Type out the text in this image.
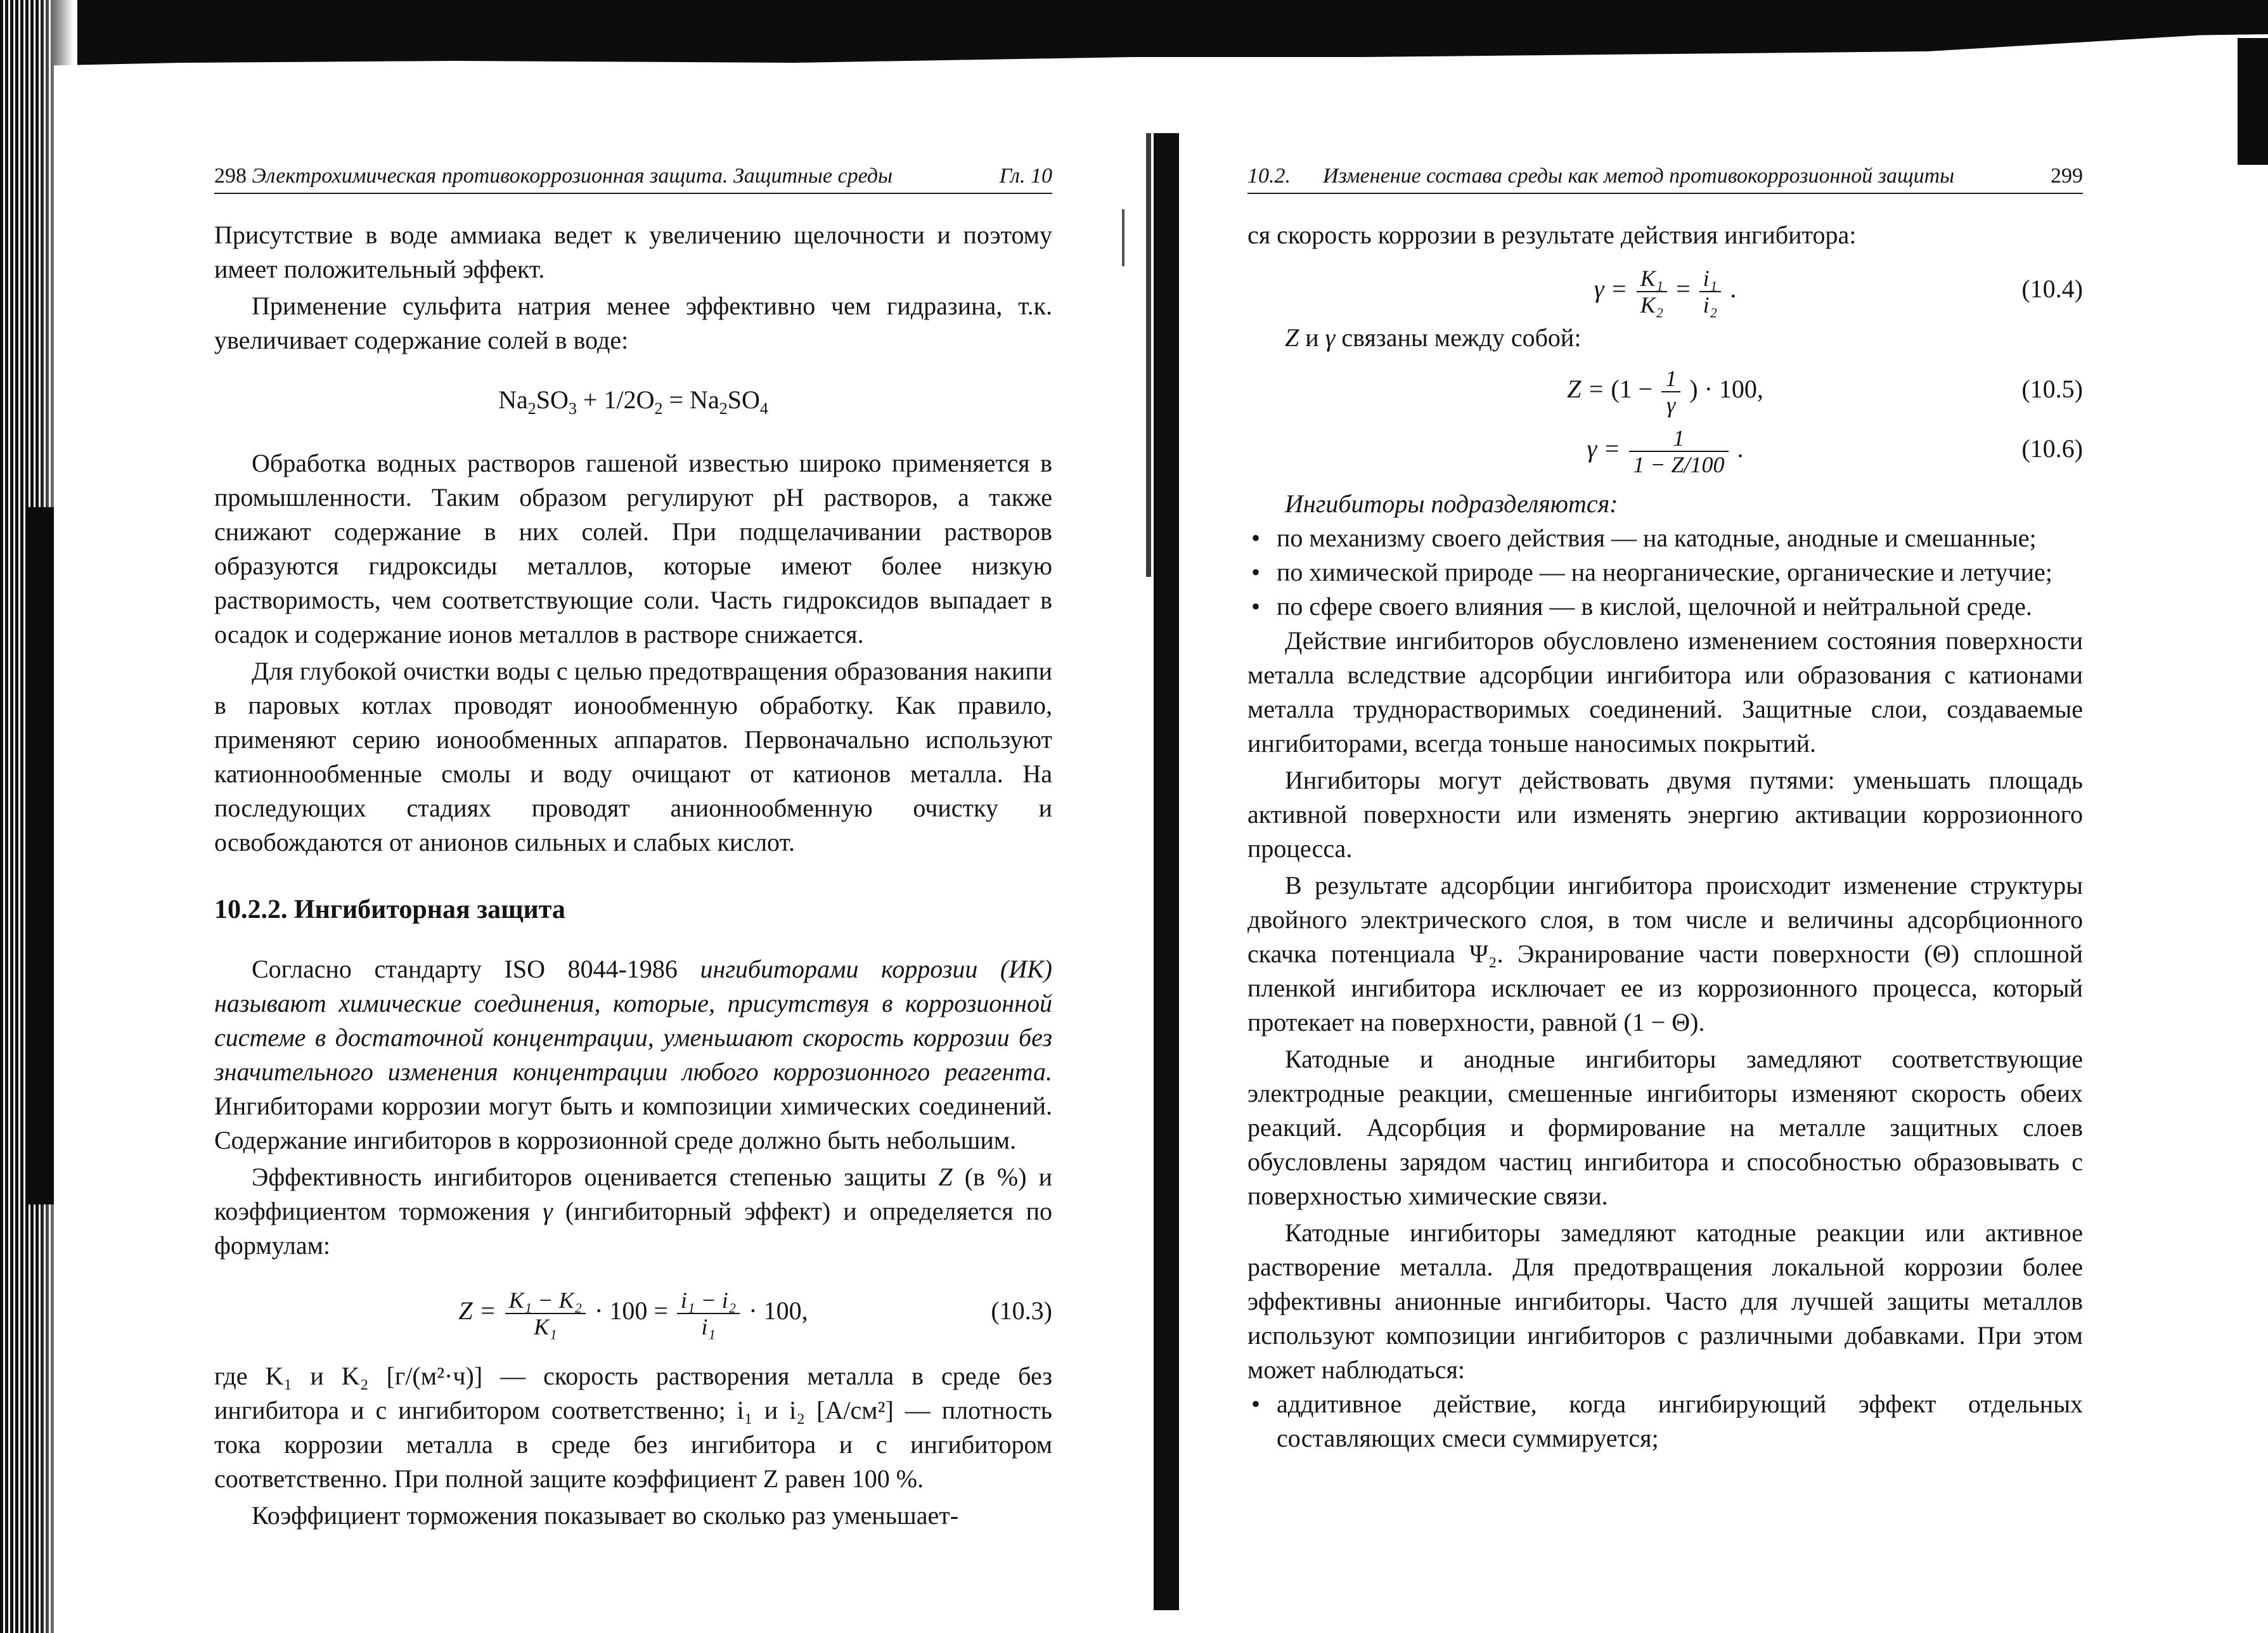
298 Электрохимическая противокоррозионная защита. Защитные среды	Гл. 10

Присутствие в воде аммиака ведет к увеличению щелочности и поэтому имеет положительный эффект.

Применение сульфита натрия менее эффективно чем гидразина, т.к. увеличивает содержание солей в воде:

$Na_2SO_3 + 1/2O_2 = Na_2SO_4$

Обработка водных растворов гашеной известью широко применяется в промышленности. Таким образом регулируют pH растворов, а также снижают содержание в них солей. При подщелачивании растворов образуются гидроксиды металлов, которые имеют более низкую растворимость, чем соответствующие соли. Часть гидроксидов выпадает в осадок и содержание ионов металлов в растворе снижается.

Для глубокой очистки воды с целью предотвращения образования накипи в паровых котлах проводят ионообменную обработку. Как правило, применяют серию ионообменных аппаратов. Первоначально используют катионнообменные смолы и воду очищают от катионов металла. На последующих стадиях проводят анионнообменную очистку и освобождаются от анионов сильных и слабых кислот.

10.2.2. Ингибиторная защита

Согласно стандарту ISO 8044-1986 ингибиторами коррозии (ИК) называют химические соединения, которые, присутствуя в коррозионной системе в достаточной концентрации, уменьшают скорость коррозии без значительного изменения концентрации любого коррозионного реагента. Ингибиторами коррозии могут быть и композиции химических соединений. Содержание ингибиторов в коррозионной среде должно быть небольшим.

Эффективность ингибиторов оценивается степенью защиты Z (в %) и коэффициентом торможения γ (ингибиторный эффект) и определяется по формулам:

$Z = \frac{\text{K₁ − K₂}}{\text{K₁}} \cdot 100 = \frac{\text{i₁ − i₂}}{\text{i₁}} \cdot 100$,	(10.3)

где K₁ и K₂ [г/(м²·ч)] — скорость растворения металла в среде без ингибитора и с ингибитором соответственно; i₁ и i₂ [А/см²] — плотность тока коррозии металла в среде без ингибитора и с ингибитором соответственно. При полной защите коэффициент Z равен 100 %.

Коэффициент торможения показывает во сколько раз уменьшает-

10.2. Изменение состава среды как метод противокоррозионной защиты	299

ся скорость коррозии в результате действия ингибитора:

$\gamma = \frac{\text{K₁}}{\text{K₂}} = \frac{\text{i₁}}{\text{i₂}}$ .	(10.4)

Z и γ связаны между собой:

$Z = (1 - \frac{1}{\gamma}$ ) · 100,	(10.5)
$\gamma = \frac{1}{1 - Z/100}$ .	(10.6)

Ингибиторы подразделяются:

• по механизму своего действия — на катодные, анодные и смешанные;
• по химической природе — на неорганические, органические и летучие;
• по сфере своего влияния — в кислой, щелочной и нейтральной среде.

Действие ингибиторов обусловлено изменением состояния поверхности металла вследствие адсорбции ингибитора или образования с катионами металла труднорастворимых соединений. Защитные слои, создаваемые ингибиторами, всегда тоньше наносимых покрытий.

Ингибиторы могут действовать двумя путями: уменьшать площадь активной поверхности или изменять энергию активации коррозионного процесса.

В результате адсорбции ингибитора происходит изменение структуры двойного электрического слоя, в том числе и величины адсорбционного скачка потенциала Ψ₂. Экранирование части поверхности (Θ) сплошной пленкой ингибитора исключает ее из коррозионного процесса, который протекает на поверхности, равной (1 − Θ).

Катодные и анодные ингибиторы замедляют соответствующие электродные реакции, смешенные ингибиторы изменяют скорость обеих реакций. Адсорбция и формирование на металле защитных слоев обусловлены зарядом частиц ингибитора и способностью образовывать с поверхностью химические связи.

Катодные ингибиторы замедляют катодные реакции или активное растворение металла. Для предотвращения локальной коррозии более эффективны анионные ингибиторы. Часто для лучшей защиты металлов используют композиции ингибиторов с различными добавками. При этом может наблюдаться:

• аддитивное действие, когда ингибирующий эффект отдельных составляющих смеси суммируется;
